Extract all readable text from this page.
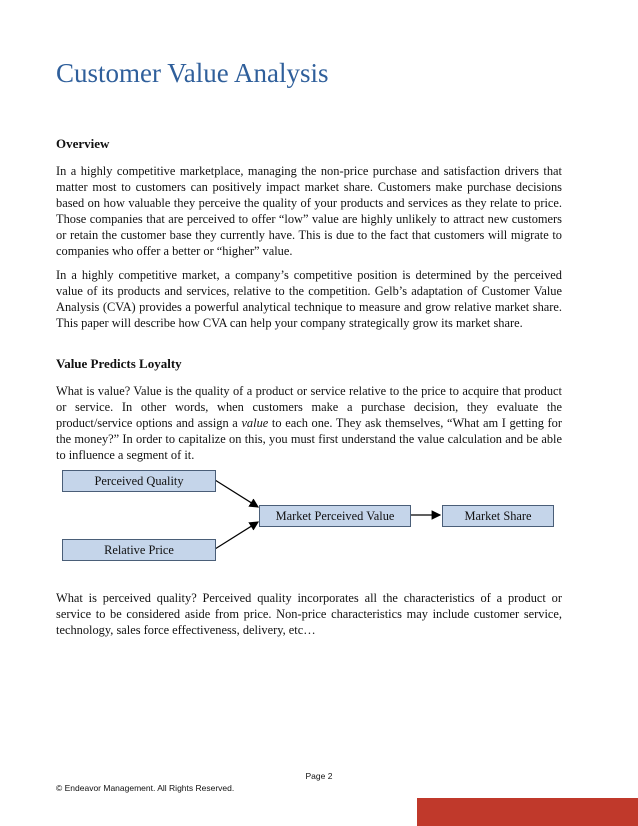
Customer Value Analysis

Overview

In a highly competitive marketplace, managing the non-price purchase and satisfaction drivers that matter most to customers can positively impact market share. Customers make purchase decisions based on how valuable they perceive the quality of your products and services as they relate to price. Those companies that are perceived to offer “low” value are highly unlikely to attract new customers or retain the customer base they currently have. This is due to the fact that customers will migrate to companies who offer a better or “higher” value.

In a highly competitive market, a company’s competitive position is determined by the perceived value of its products and services, relative to the competition. Gelb’s adaptation of Customer Value Analysis (CVA) provides a powerful analytical technique to measure and grow relative market share. This paper will describe how CVA can help your company strategically grow its market share.

Value Predicts Loyalty

What is value? Value is the quality of a product or service relative to the price to acquire that product or service. In other words, when customers make a purchase decision, they evaluate the product/service options and assign a value to each one. They ask themselves, “What am I getting for the money?” In order to capitalize on this, you must first understand the value calculation and be able to influence a segment of it.

Perceived Quality
Relative Price
Market Perceived Value	Market Share

What is perceived quality? Perceived quality incorporates all the characteristics of a product or service to be considered aside from price. Non-price characteristics may include customer service, technology, sales force effectiveness, delivery, etc…

Page 2
© Endeavor Management. All Rights Reserved.
